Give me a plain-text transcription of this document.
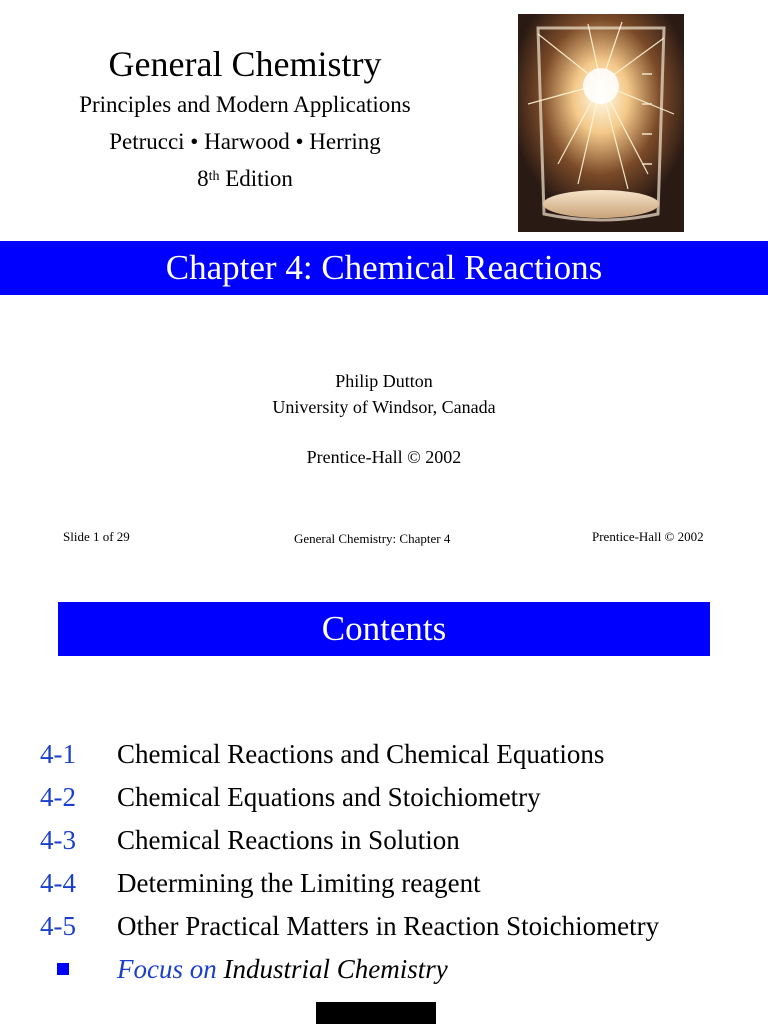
General Chemistry
Principles and Modern Applications
Petrucci • Harwood • Herring
8th Edition
Chapter 4: Chemical Reactions
Philip Dutton
University of Windsor, Canada
Prentice-Hall © 2002
Slide 1 of 29	General Chemistry: Chapter 4	Prentice-Hall © 2002
Contents
4-1 Chemical Reactions and Chemical Equations
4-2 Chemical Equations and Stoichiometry
4-3 Chemical Reactions in Solution
4-4 Determining the Limiting reagent
4-5 Other Practical Matters in Reaction Stoichiometry
Focus on Industrial Chemistry
